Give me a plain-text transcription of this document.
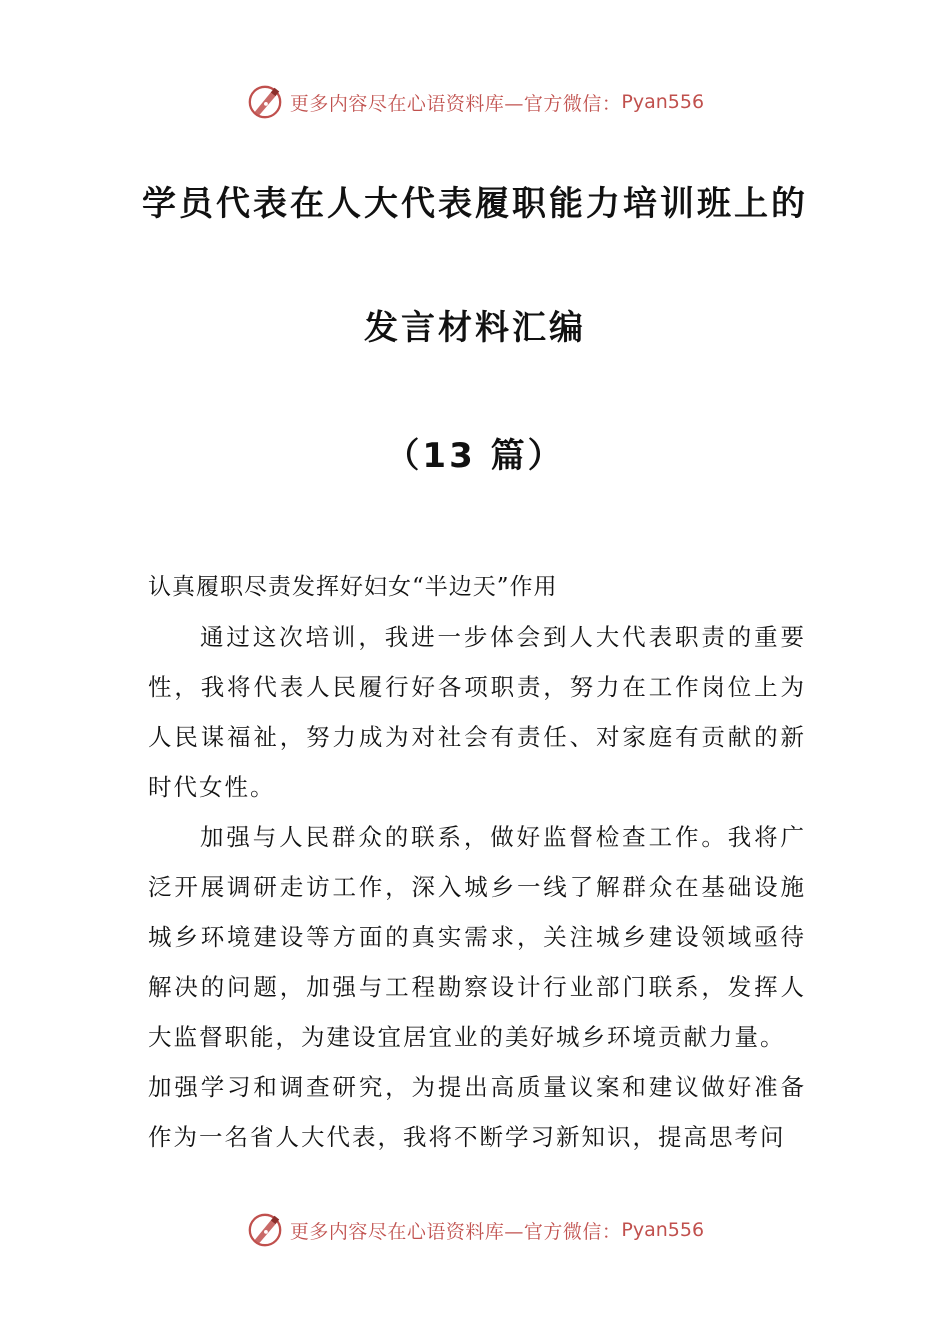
更多内容尽在心语资料库—官方微信： Pyan556
学员代表在人大代表履职能力培训班上的
发言材料汇编
（13 篇）
认真履职尽责发挥好妇女“半边天”作用

通过这次培训，我进一步体会到人大代表职责的重要性，我将代表人民履行好各项职责，努力在工作岗位上为人民谋福祉，努力成为对社会有责任、对家庭有贡献的新时代女性。

加强与人民群众的联系，做好监督检查工作。我将广泛开展调研走访工作，深入城乡一线了解群众在基础设施城乡环境建设等方面的真实需求，关注城乡建设领域亟待解决的问题，加强与工程勘察设计行业部门联系，发挥人大监督职能，为建设宜居宜业的美好城乡环境贡献力量。

加强学习和调查研究，为提出高质量议案和建议做好准备作为一名省人大代表，我将不断学习新知识，提高思考问

更多内容尽在心语资料库—官方微信： Pyan556
